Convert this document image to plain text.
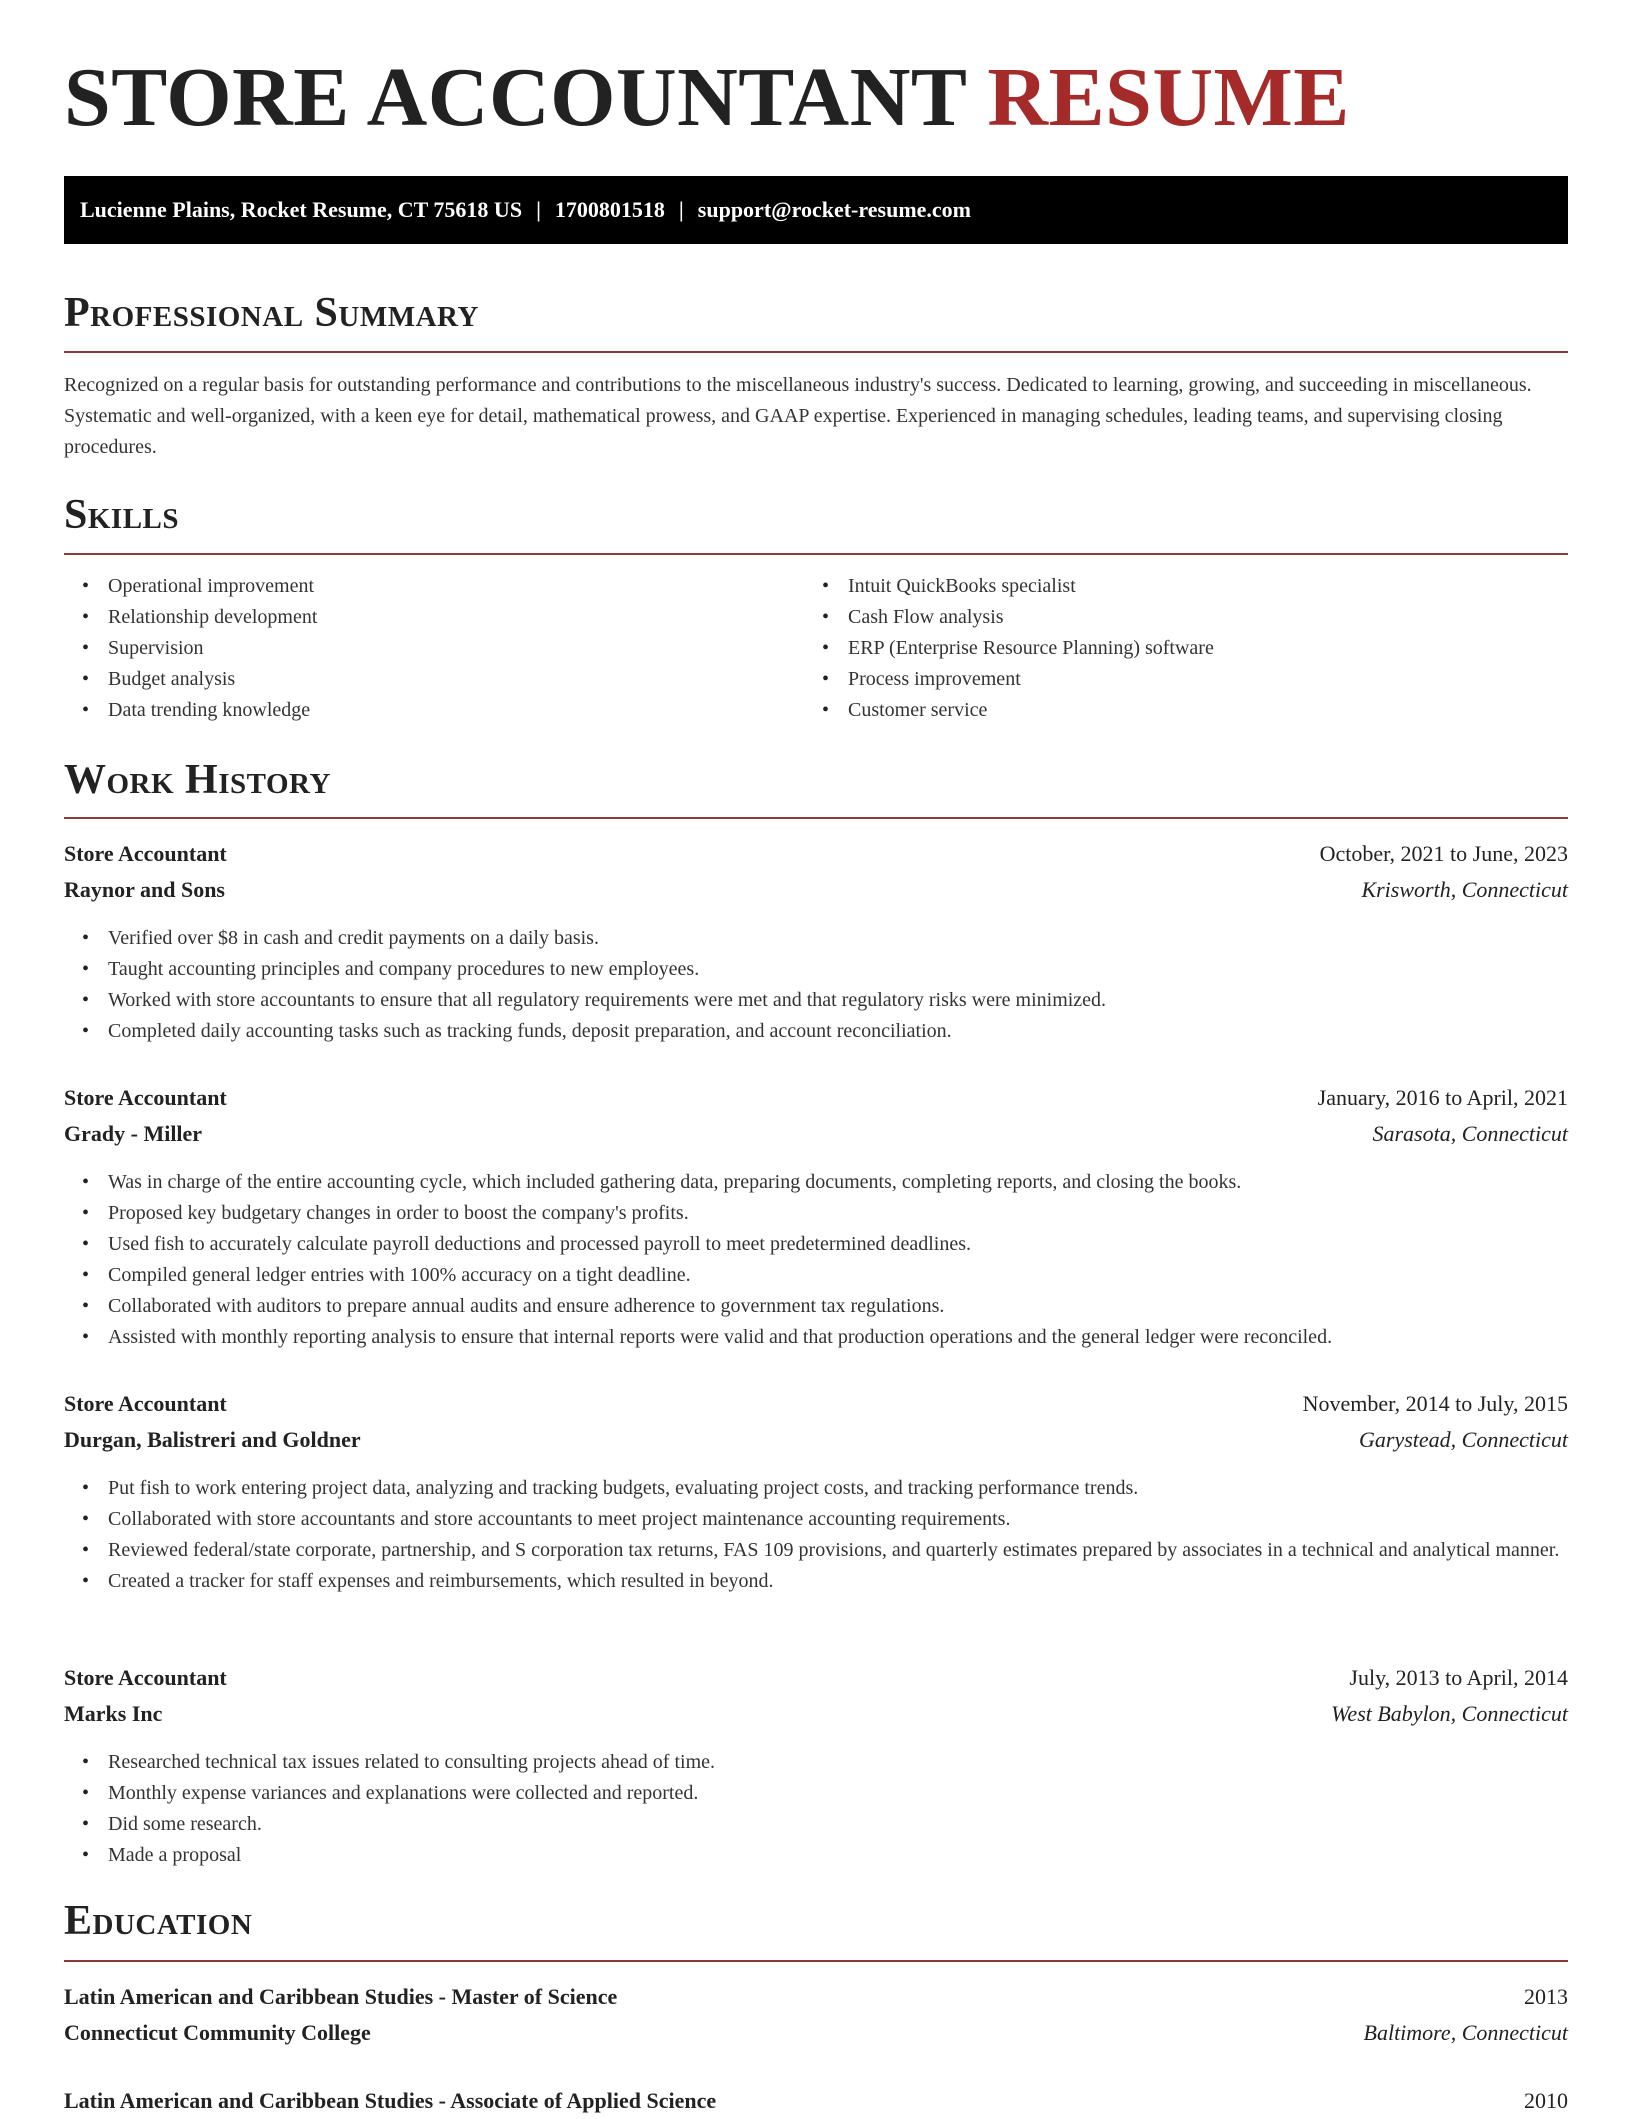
STORE ACCOUNTANT RESUME
Lucienne Plains, Rocket Resume, CT 75618 US | 1700801518 | support@rocket-resume.com
Professional Summary

Recognized on a regular basis for outstanding performance and contributions to the miscellaneous industry's success. Dedicated to learning, growing, and succeeding in miscellaneous. Systematic and well-organized, with a keen eye for detail, mathematical prowess, and GAAP expertise. Experienced in managing schedules, leading teams, and supervising closing procedures.

Skills
• Operational improvement
• Relationship development
• Supervision
• Budget analysis
• Data trending knowledge
• Intuit QuickBooks specialist
• Cash Flow analysis
• ERP (Enterprise Resource Planning) software
• Process improvement
• Customer service
Work History
Store Accountant	October, 2021 to June, 2023
Raynor and Sons	Krisworth, Connecticut
• Verified over $8 in cash and credit payments on a daily basis.
• Taught accounting principles and company procedures to new employees.
• Worked with store accountants to ensure that all regulatory requirements were met and that regulatory risks were minimized.
• Completed daily accounting tasks such as tracking funds, deposit preparation, and account reconciliation.
Store Accountant	January, 2016 to April, 2021
Grady - Miller	Sarasota, Connecticut
• Was in charge of the entire accounting cycle, which included gathering data, preparing documents, completing reports, and closing the books.
• Proposed key budgetary changes in order to boost the company's profits.
• Used fish to accurately calculate payroll deductions and processed payroll to meet predetermined deadlines.
• Compiled general ledger entries with 100% accuracy on a tight deadline.
• Collaborated with auditors to prepare annual audits and ensure adherence to government tax regulations.
• Assisted with monthly reporting analysis to ensure that internal reports were valid and that production operations and the general ledger were reconciled.
Store Accountant	November, 2014 to July, 2015
Durgan, Balistreri and Goldner	Garystead, Connecticut
• Put fish to work entering project data, analyzing and tracking budgets, evaluating project costs, and tracking performance trends.
• Collaborated with store accountants and store accountants to meet project maintenance accounting requirements.
• Reviewed federal/state corporate, partnership, and S corporation tax returns, FAS 109 provisions, and quarterly estimates prepared by associates in a technical and analytical manner.
• Created a tracker for staff expenses and reimbursements, which resulted in beyond.
Store Accountant	July, 2013 to April, 2014
Marks Inc	West Babylon, Connecticut
• Researched technical tax issues related to consulting projects ahead of time.
• Monthly expense variances and explanations were collected and reported.
• Did some research.
• Made a proposal
Education
Latin American and Caribbean Studies - Master of Science	2013
Connecticut Community College	Baltimore, Connecticut
Latin American and Caribbean Studies - Associate of Applied Science	2010
